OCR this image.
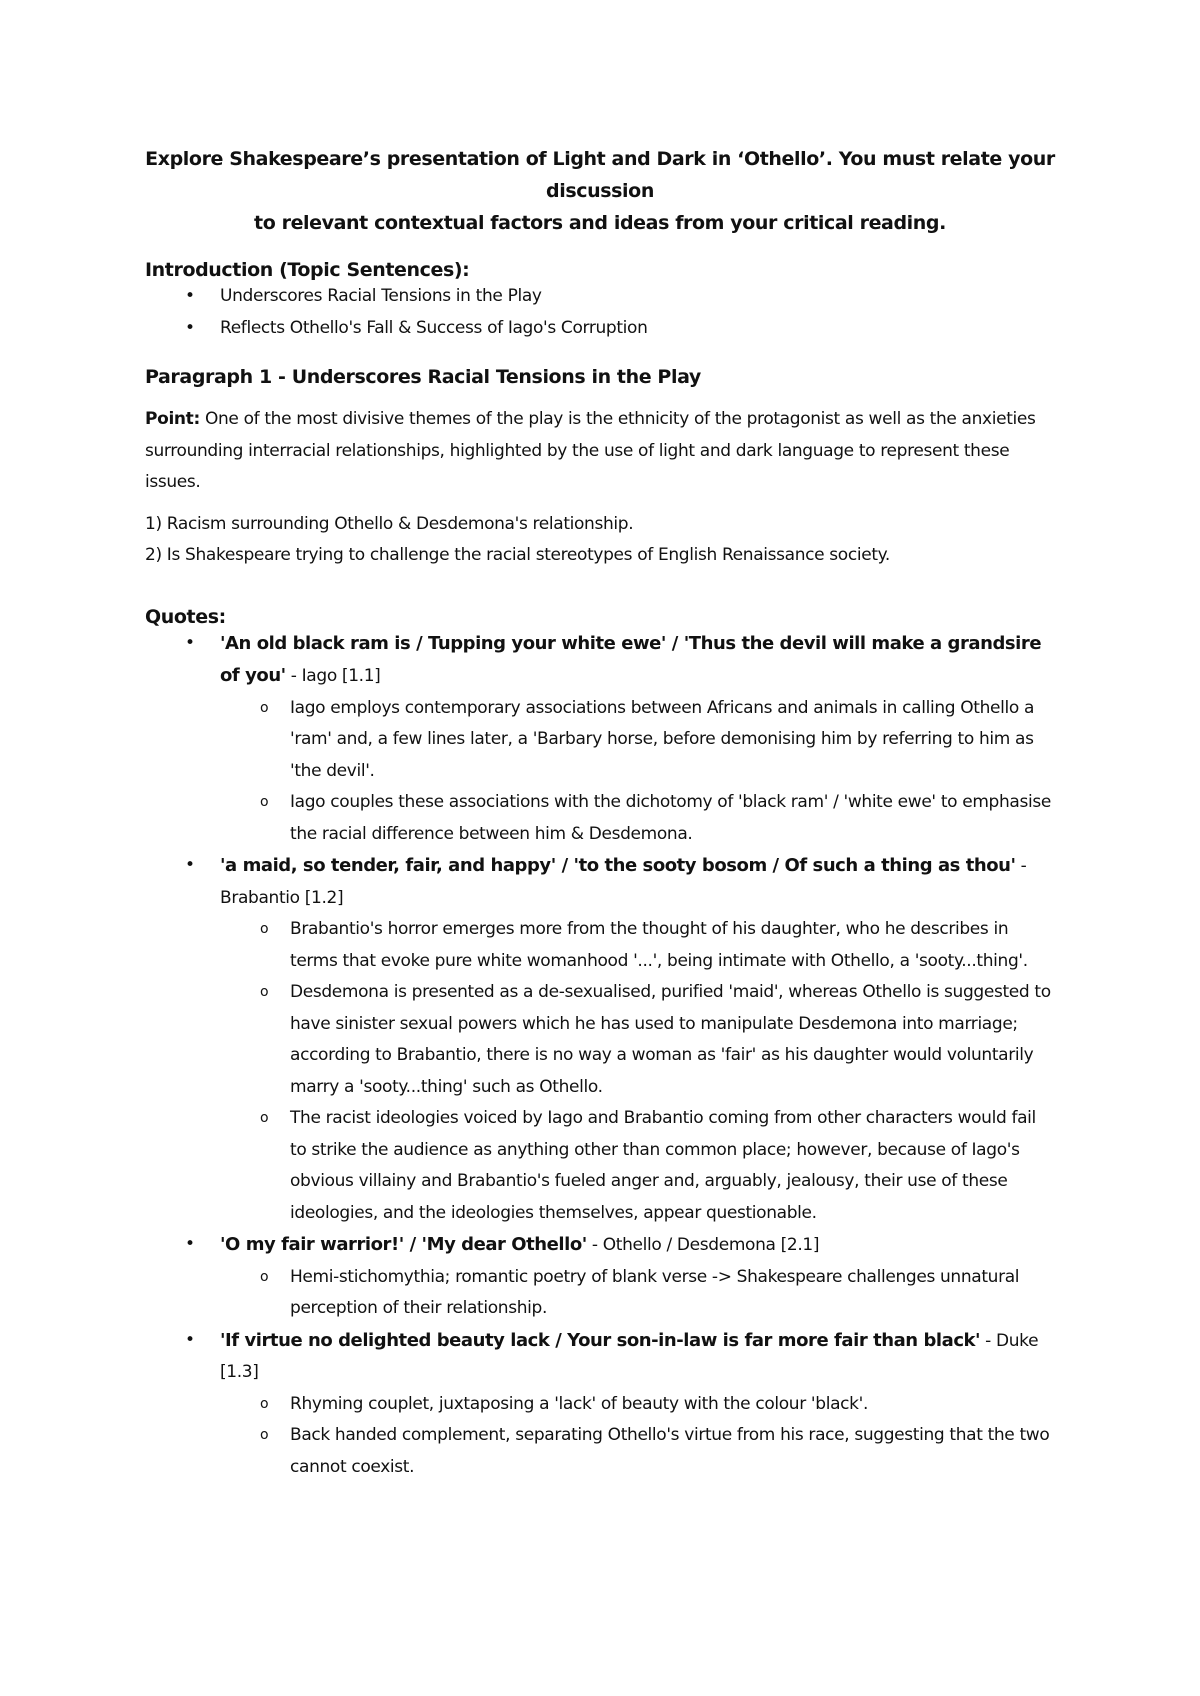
Explore Shakespeare’s presentation of Light and Dark in ‘Othello’. You must relate your discussion
to relevant contextual factors and ideas from your critical reading.
Introduction (Topic Sentences):
• Underscores Racial Tensions in the Play
• Reflects Othello's Fall & Success of Iago's Corruption
Paragraph 1 - Underscores Racial Tensions in the Play
Point: One of the most divisive themes of the play is the ethnicity of the protagonist as well as the anxieties surrounding interracial relationships, highlighted by the use of light and dark language to represent these issues.
1) Racism surrounding Othello & Desdemona's relationship.
2) Is Shakespeare trying to challenge the racial stereotypes of English Renaissance society.
Quotes:
• 'An old black ram is / Tupping your white ewe' / 'Thus the devil will make a grandsire of you' - Iago [1.1]
o Iago employs contemporary associations between Africans and animals in calling Othello a 'ram' and, a few lines later, a 'Barbary horse, before demonising him by referring to him as 'the devil'.
o Iago couples these associations with the dichotomy of 'black ram' / 'white ewe' to emphasise the racial difference between him & Desdemona.
• 'a maid, so tender, fair, and happy' / 'to the sooty bosom / Of such a thing as thou' - Brabantio [1.2]
o Brabantio's horror emerges more from the thought of his daughter, who he describes in terms that evoke pure white womanhood '...', being intimate with Othello, a 'sooty...thing'.
o Desdemona is presented as a de-sexualised, purified 'maid', whereas Othello is suggested to have sinister sexual powers which he has used to manipulate Desdemona into marriage; according to Brabantio, there is no way a woman as 'fair' as his daughter would voluntarily marry a 'sooty...thing' such as Othello.
o The racist ideologies voiced by Iago and Brabantio coming from other characters would fail to strike the audience as anything other than common place; however, because of Iago's obvious villainy and Brabantio's fueled anger and, arguably, jealousy, their use of these ideologies, and the ideologies themselves, appear questionable.
• 'O my fair warrior!' / 'My dear Othello' - Othello / Desdemona [2.1]
o Hemi-stichomythia; romantic poetry of blank verse -> Shakespeare challenges unnatural perception of their relationship.
• 'If virtue no delighted beauty lack / Your son-in-law is far more fair than black' - Duke [1.3]
o Rhyming couplet, juxtaposing a 'lack' of beauty with the colour 'black'.
o Back handed complement, separating Othello's virtue from his race, suggesting that the two cannot coexist.
